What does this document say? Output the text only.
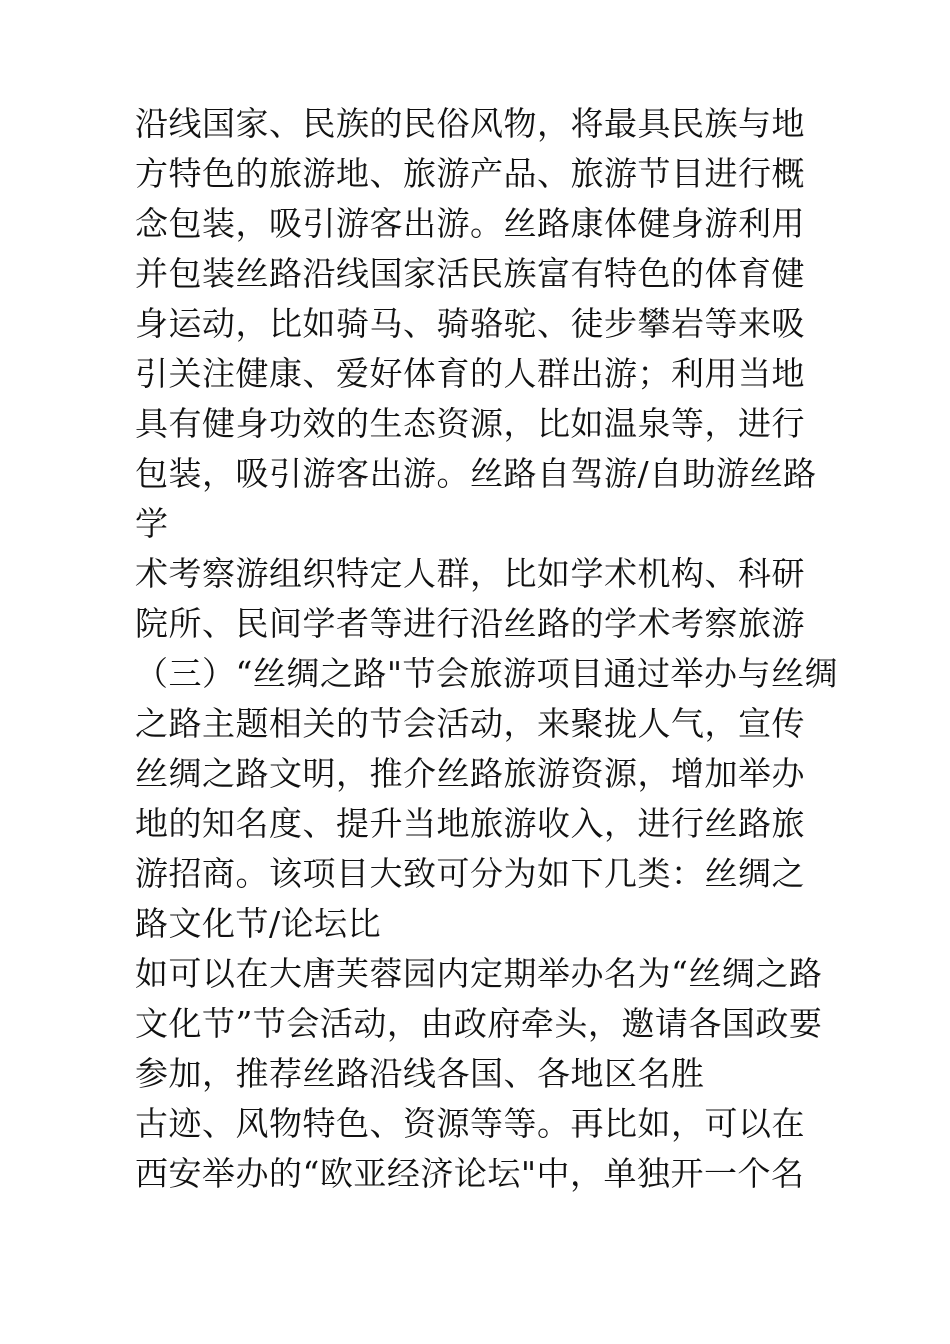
沿线国家、民族的民俗风物，将最具民族与地
方特色的旅游地、旅游产品、旅游节目进行概
念包装，吸引游客出游。丝路康体健身游利用
并包装丝路沿线国家活民族富有特色的体育健
身运动，比如骑马、骑骆驼、徒步攀岩等来吸
引关注健康、爱好体育的人群出游；利用当地
具有健身功效的生态资源，比如温泉等，进行
包装，吸引游客出游。丝路自驾游/自助游丝路
学
术考察游组织特定人群，比如学术机构、科研
院所、民间学者等进行沿丝路的学术考察旅游
（三）“丝绸之路"节会旅游项目通过举办与丝绸
之路主题相关的节会活动，来聚拢人气，宣传
丝绸之路文明，推介丝路旅游资源，增加举办
地的知名度、提升当地旅游收入，进行丝路旅
游招商。该项目大致可分为如下几类：丝绸之
路文化节/论坛比
如可以在大唐芙蓉园内定期举办名为“丝绸之路
文化节”节会活动，由政府牵头，邀请各国政要
参加，推荐丝路沿线各国、各地区名胜
古迹、风物特色、资源等等。再比如，可以在
西安举办的“欧亚经济论坛"中，单独开一个名
